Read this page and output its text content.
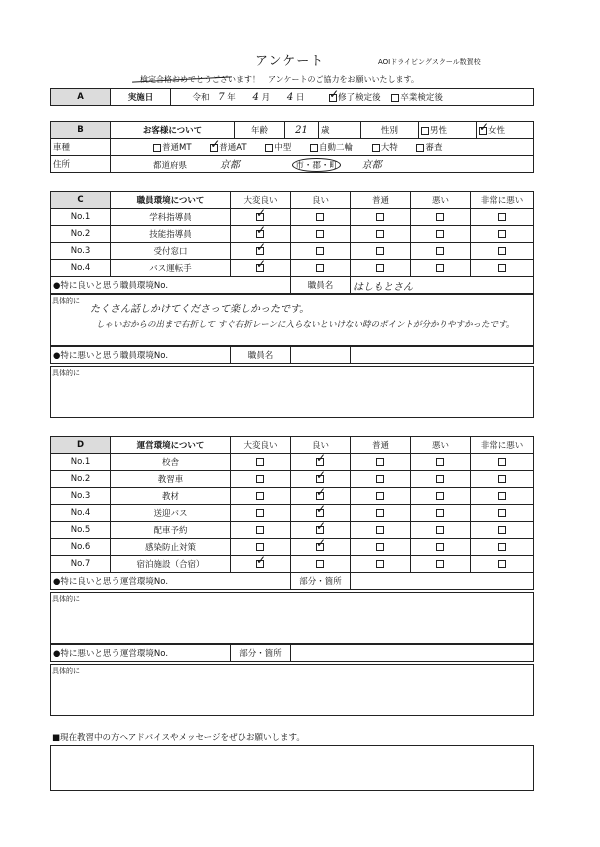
アンケート	AOIドライビングスクール数賀校
検定合格おめでとうございます！　アンケートのご協力をお願いいたします。
A	実施日		令和 7 年 4 月 4 日 ✓	修了検定後 卒業検定後
B	お客様について	年齢	21	歳	性別	男性	✓女性
車種	普通MT ✓ 普通AT 中型 自動二輪 大特 審査
住所	都道府県 京都 市・郡・町 京都						
C	職員環境について	大変良い	良い	普通	悪い	非常に悪い
No.1	学科指導員	✓				
No.2	技能指導員	✓				
No.3	受付窓口	✓				
No.4	バス運転手	✓				
●特に良いと思う職員環境No.			職員名	はしもとさん		
具体的に
たくさん話しかけてくださって楽しかったです。
しゃいおからの出まで右折して すぐ右折レーンに入らないといけない時のポイントが分かりやすかったです。
●特に悪いと思う職員環境No.	職員名		
具体的に
D	運営環境について	大変良い	良い	普通	悪い	非常に悪い
No.1	校舎		✓			
No.2	教習車		✓			
No.3	教材		✓			
No.4	送迎バス		✓			
No.5	配車予約		✓			
No.6	感染防止対策		✓			
No.7	宿泊施設（合宿）	✓				
●特に良いと思う運営環境No.			部分・箇所			
具体的に
●特に悪いと思う運営環境No.	部分・箇所	
具体的に
■現在教習中の方へアドバイスやメッセージをぜひお願いします。
